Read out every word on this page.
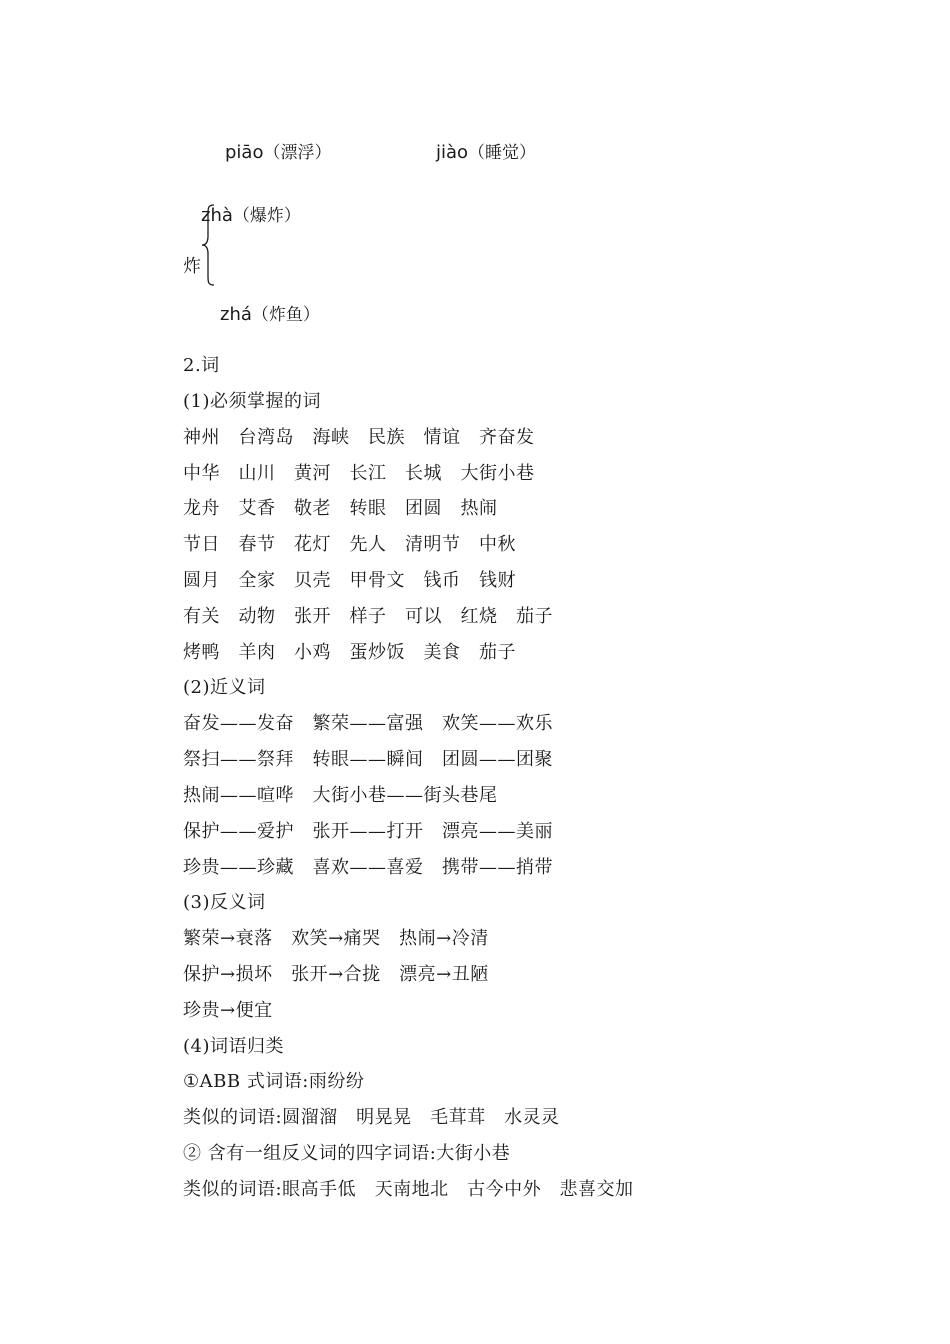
piāo（漂浮）	jiào（睡觉）
zhà（爆炸）
炸
zhá（炸鱼）
2.词
(1)必须掌握的词
神州　台湾岛　海峡　民族　情谊　齐奋发
中华　山川　黄河　长江　长城　大街小巷
龙舟　艾香　敬老　转眼　团圆　热闹
节日　春节　花灯　先人　清明节　中秋
圆月　全家　贝壳　甲骨文　钱币　钱财
有关　动物　张开　样子　可以　红烧　茄子
烤鸭　羊肉　小鸡　蛋炒饭　美食　茄子
(2)近义词
奋发——发奋　繁荣——富强　欢笑——欢乐
祭扫——祭拜　转眼——瞬间　团圆——团聚
热闹——喧哗　大街小巷——街头巷尾
保护——爱护　张开——打开　漂亮——美丽
珍贵——珍藏　喜欢——喜爱　携带——捎带
(3)反义词
繁荣→衰落　欢笑→痛哭　热闹→冷清
保护→损坏　张开→合拢　漂亮→丑陋
珍贵→便宜
(4)词语归类
①ABB 式词语:雨纷纷
类似的词语:圆溜溜　明晃晃　毛茸茸　水灵灵
② 含有一组反义词的四字词语:大街小巷
类似的词语:眼高手低　天南地北　古今中外　悲喜交加
